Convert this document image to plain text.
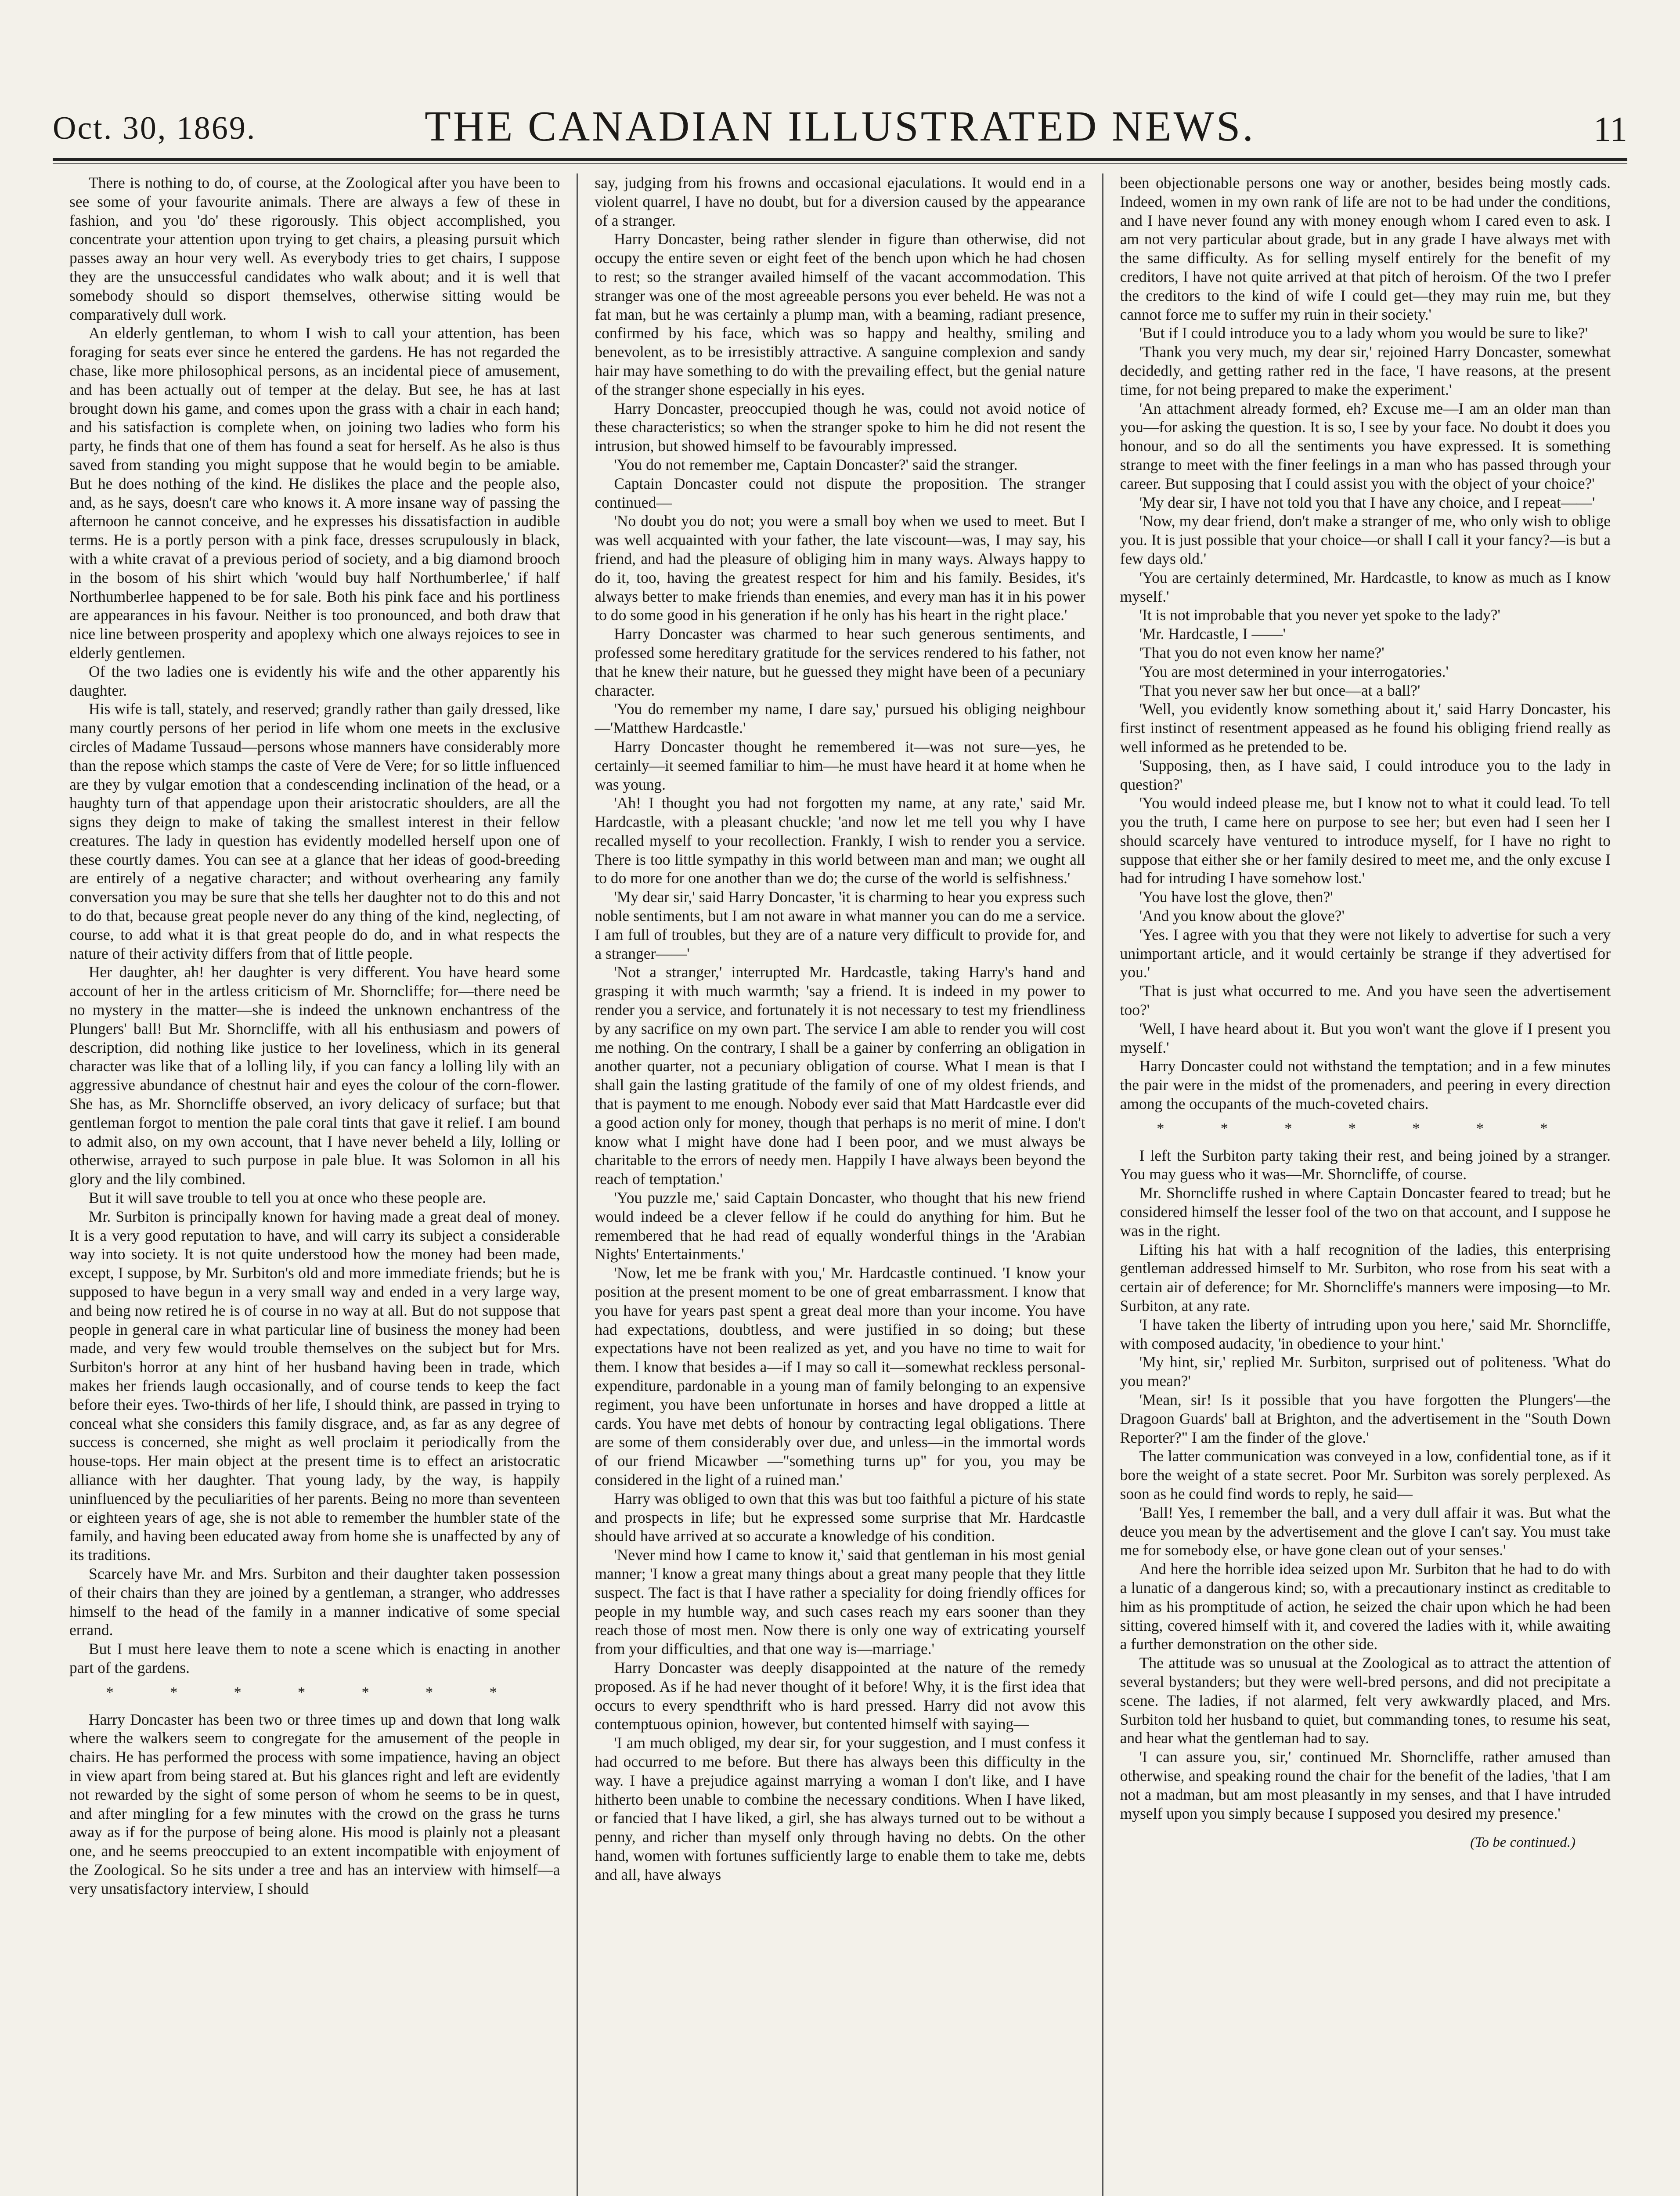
Oct. 30, 1869.	THE CANADIAN ILLUSTRATED NEWS.	11

There is nothing to do, of course, at the Zoological after you have been to see some of your favourite animals. There are always a few of these in fashion, and you 'do' these rigorously. This object accomplished, you concentrate your attention upon trying to get chairs, a pleasing pursuit which passes away an hour very well. As everybody tries to get chairs, I suppose they are the unsuccessful candidates who walk about; and it is well that somebody should so disport themselves, otherwise sitting would be comparatively dull work.

An elderly gentleman, to whom I wish to call your attention, has been foraging for seats ever since he entered the gardens. He has not regarded the chase, like more philosophical persons, as an incidental piece of amusement, and has been actually out of temper at the delay. But see, he has at last brought down his game, and comes upon the grass with a chair in each hand; and his satisfaction is complete when, on joining two ladies who form his party, he finds that one of them has found a seat for herself. As he also is thus saved from standing you might suppose that he would begin to be amiable. But he does nothing of the kind. He dislikes the place and the people also, and, as he says, doesn't care who knows it. A more insane way of passing the afternoon he cannot conceive, and he expresses his dissatisfaction in audible terms. He is a portly person with a pink face, dresses scrupulously in black, with a white cravat of a previous period of society, and a big diamond brooch in the bosom of his shirt which 'would buy half Northumberlee,' if half Northumberlee happened to be for sale. Both his pink face and his portliness are appearances in his favour. Neither is too pronounced, and both draw that nice line between prosperity and apoplexy which one always rejoices to see in elderly gentlemen.

Of the two ladies one is evidently his wife and the other apparently his daughter.

His wife is tall, stately, and reserved; grandly rather than gaily dressed, like many courtly persons of her period in life whom one meets in the exclusive circles of Madame Tussaud—persons whose manners have considerably more than the repose which stamps the caste of Vere de Vere; for so little influenced are they by vulgar emotion that a condescending inclination of the head, or a haughty turn of that appendage upon their aristocratic shoulders, are all the signs they deign to make of taking the smallest interest in their fellow creatures. The lady in question has evidently modelled herself upon one of these courtly dames. You can see at a glance that her ideas of good-breeding are entirely of a negative character; and without overhearing any family conversation you may be sure that she tells her daughter not to do this and not to do that, because great people never do any thing of the kind, neglecting, of course, to add what it is that great people do do, and in what respects the nature of their activity differs from that of little people.

Her daughter, ah! her daughter is very different. You have heard some account of her in the artless criticism of Mr. Shorncliffe; for—there need be no mystery in the matter—she is indeed the unknown enchantress of the Plungers' ball! But Mr. Shorncliffe, with all his enthusiasm and powers of description, did nothing like justice to her loveliness, which in its general character was like that of a lolling lily, if you can fancy a lolling lily with an aggressive abundance of chestnut hair and eyes the colour of the corn-flower. She has, as Mr. Shorncliffe observed, an ivory delicacy of surface; but that gentleman forgot to mention the pale coral tints that gave it relief. I am bound to admit also, on my own account, that I have never beheld a lily, lolling or otherwise, arrayed to such purpose in pale blue. It was Solomon in all his glory and the lily combined.

But it will save trouble to tell you at once who these people are.

Mr. Surbiton is principally known for having made a great deal of money. It is a very good reputation to have, and will carry its subject a considerable way into society. It is not quite understood how the money had been made, except, I suppose, by Mr. Surbiton's old and more immediate friends; but he is supposed to have begun in a very small way and ended in a very large way, and being now retired he is of course in no way at all. But do not suppose that people in general care in what particular line of business the money had been made, and very few would trouble themselves on the subject but for Mrs. Surbiton's horror at any hint of her husband having been in trade, which makes her friends laugh occasionally, and of course tends to keep the fact before their eyes. Two-thirds of her life, I should think, are passed in trying to conceal what she considers this family disgrace, and, as far as any degree of success is concerned, she might as well proclaim it periodically from the house-tops. Her main object at the present time is to effect an aristocratic alliance with her daughter. That young lady, by the way, is happily uninfluenced by the peculiarities of her parents. Being no more than seventeen or eighteen years of age, she is not able to remember the humbler state of the family, and having been educated away from home she is unaffected by any of its traditions.

Scarcely have Mr. and Mrs. Surbiton and their daughter taken possession of their chairs than they are joined by a gentleman, a stranger, who addresses himself to the head of the family in a manner indicative of some special errand.

But I must here leave them to note a scene which is enacting in another part of the gardens.

* * * * * * *

Harry Doncaster has been two or three times up and down that long walk where the walkers seem to congregate for the amusement of the people in chairs. He has performed the process with some impatience, having an object in view apart from being stared at. But his glances right and left are evidently not rewarded by the sight of some person of whom he seems to be in quest, and after mingling for a few minutes with the crowd on the grass he turns away as if for the purpose of being alone. His mood is plainly not a pleasant one, and he seems preoccupied to an extent incompatible with enjoyment of the Zoological. So he sits under a tree and has an interview with himself—a very unsatisfactory interview, I should

say, judging from his frowns and occasional ejaculations. It would end in a violent quarrel, I have no doubt, but for a diversion caused by the appearance of a stranger.

Harry Doncaster, being rather slender in figure than otherwise, did not occupy the entire seven or eight feet of the bench upon which he had chosen to rest; so the stranger availed himself of the vacant accommodation. This stranger was one of the most agreeable persons you ever beheld. He was not a fat man, but he was certainly a plump man, with a beaming, radiant presence, confirmed by his face, which was so happy and healthy, smiling and benevolent, as to be irresistibly attractive. A sanguine complexion and sandy hair may have something to do with the prevailing effect, but the genial nature of the stranger shone especially in his eyes.

Harry Doncaster, preoccupied though he was, could not avoid notice of these characteristics; so when the stranger spoke to him he did not resent the intrusion, but showed himself to be favourably impressed.

'You do not remember me, Captain Doncaster?' said the stranger.

Captain Doncaster could not dispute the proposition. The stranger continued—

'No doubt you do not; you were a small boy when we used to meet. But I was well acquainted with your father, the late viscount—was, I may say, his friend, and had the pleasure of obliging him in many ways. Always happy to do it, too, having the greatest respect for him and his family. Besides, it's always better to make friends than enemies, and every man has it in his power to do some good in his generation if he only has his heart in the right place.'

Harry Doncaster was charmed to hear such generous sentiments, and professed some hereditary gratitude for the services rendered to his father, not that he knew their nature, but he guessed they might have been of a pecuniary character.

'You do remember my name, I dare say,' pursued his obliging neighbour—'Matthew Hardcastle.'

Harry Doncaster thought he remembered it—was not sure—yes, he certainly—it seemed familiar to him—he must have heard it at home when he was young.

'Ah! I thought you had not forgotten my name, at any rate,' said Mr. Hardcastle, with a pleasant chuckle; 'and now let me tell you why I have recalled myself to your recollection. Frankly, I wish to render you a service. There is too little sympathy in this world between man and man; we ought all to do more for one another than we do; the curse of the world is selfishness.'

'My dear sir,' said Harry Doncaster, 'it is charming to hear you express such noble sentiments, but I am not aware in what manner you can do me a service. I am full of troubles, but they are of a nature very difficult to provide for, and a stranger——'

'Not a stranger,' interrupted Mr. Hardcastle, taking Harry's hand and grasping it with much warmth; 'say a friend. It is indeed in my power to render you a service, and fortunately it is not necessary to test my friendliness by any sacrifice on my own part. The service I am able to render you will cost me nothing. On the contrary, I shall be a gainer by conferring an obligation in another quarter, not a pecuniary obligation of course. What I mean is that I shall gain the lasting gratitude of the family of one of my oldest friends, and that is payment to me enough. Nobody ever said that Matt Hardcastle ever did a good action only for money, though that perhaps is no merit of mine. I don't know what I might have done had I been poor, and we must always be charitable to the errors of needy men. Happily I have always been beyond the reach of temptation.'

'You puzzle me,' said Captain Doncaster, who thought that his new friend would indeed be a clever fellow if he could do anything for him. But he remembered that he had read of equally wonderful things in the 'Arabian Nights' Entertainments.'

'Now, let me be frank with you,' Mr. Hardcastle continued. 'I know your position at the present moment to be one of great embarrassment. I know that you have for years past spent a great deal more than your income. You have had expectations, doubtless, and were justified in so doing; but these expectations have not been realized as yet, and you have no time to wait for them. I know that besides a—if I may so call it—somewhat reckless personal-expenditure, pardonable in a young man of family belonging to an expensive regiment, you have been unfortunate in horses and have dropped a little at cards. You have met debts of honour by contracting legal obligations. There are some of them considerably over due, and unless—in the immortal words of our friend Micawber —"something turns up" for you, you may be considered in the light of a ruined man.'

Harry was obliged to own that this was but too faithful a picture of his state and prospects in life; but he expressed some surprise that Mr. Hardcastle should have arrived at so accurate a knowledge of his condition.

'Never mind how I came to know it,' said that gentleman in his most genial manner; 'I know a great many things about a great many people that they little suspect. The fact is that I have rather a speciality for doing friendly offices for people in my humble way, and such cases reach my ears sooner than they reach those of most men. Now there is only one way of extricating yourself from your difficulties, and that one way is—marriage.'

Harry Doncaster was deeply disappointed at the nature of the remedy proposed. As if he had never thought of it before! Why, it is the first idea that occurs to every spendthrift who is hard pressed. Harry did not avow this contemptuous opinion, however, but contented himself with saying—

'I am much obliged, my dear sir, for your suggestion, and I must confess it had occurred to me before. But there has always been this difficulty in the way. I have a prejudice against marrying a woman I don't like, and I have hitherto been unable to combine the necessary conditions. When I have liked, or fancied that I have liked, a girl, she has always turned out to be without a penny, and richer than myself only through having no debts. On the other hand, women with fortunes sufficiently large to enable them to take me, debts and all, have always

been objectionable persons one way or another, besides being mostly cads. Indeed, women in my own rank of life are not to be had under the conditions, and I have never found any with money enough whom I cared even to ask. I am not very particular about grade, but in any grade I have always met with the same difficulty. As for selling myself entirely for the benefit of my creditors, I have not quite arrived at that pitch of heroism. Of the two I prefer the creditors to the kind of wife I could get—they may ruin me, but they cannot force me to suffer my ruin in their society.'

'But if I could introduce you to a lady whom you would be sure to like?'

'Thank you very much, my dear sir,' rejoined Harry Doncaster, somewhat decidedly, and getting rather red in the face, 'I have reasons, at the present time, for not being prepared to make the experiment.'

'An attachment already formed, eh? Excuse me—I am an older man than you—for asking the question. It is so, I see by your face. No doubt it does you honour, and so do all the sentiments you have expressed. It is something strange to meet with the finer feelings in a man who has passed through your career. But supposing that I could assist you with the object of your choice?'

'My dear sir, I have not told you that I have any choice, and I repeat——'

'Now, my dear friend, don't make a stranger of me, who only wish to oblige you. It is just possible that your choice—or shall I call it your fancy?—is but a few days old.'

'You are certainly determined, Mr. Hardcastle, to know as much as I know myself.'

'It is not improbable that you never yet spoke to the lady?'

'Mr. Hardcastle, I ——'

'That you do not even know her name?'

'You are most determined in your interrogatories.'

'That you never saw her but once—at a ball?'

'Well, you evidently know something about it,' said Harry Doncaster, his first instinct of resentment appeased as he found his obliging friend really as well informed as he pretended to be.

'Supposing, then, as I have said, I could introduce you to the lady in question?'

'You would indeed please me, but I know not to what it could lead. To tell you the truth, I came here on purpose to see her; but even had I seen her I should scarcely have ventured to introduce myself, for I have no right to suppose that either she or her family desired to meet me, and the only excuse I had for intruding I have somehow lost.'

'You have lost the glove, then?'

'And you know about the glove?'

'Yes. I agree with you that they were not likely to advertise for such a very unimportant article, and it would certainly be strange if they advertised for you.'

'That is just what occurred to me. And you have seen the advertisement too?'

'Well, I have heard about it. But you won't want the glove if I present you myself.'

Harry Doncaster could not withstand the temptation; and in a few minutes the pair were in the midst of the promenaders, and peering in every direction among the occupants of the much-coveted chairs.

* * * * * * *

I left the Surbiton party taking their rest, and being joined by a stranger. You may guess who it was—Mr. Shorncliffe, of course.

Mr. Shorncliffe rushed in where Captain Doncaster feared to tread; but he considered himself the lesser fool of the two on that account, and I suppose he was in the right.

Lifting his hat with a half recognition of the ladies, this enterprising gentleman addressed himself to Mr. Surbiton, who rose from his seat with a certain air of deference; for Mr. Shorncliffe's manners were imposing—to Mr. Surbiton, at any rate.

'I have taken the liberty of intruding upon you here,' said Mr. Shorncliffe, with composed audacity, 'in obedience to your hint.'

'My hint, sir,' replied Mr. Surbiton, surprised out of politeness. 'What do you mean?'

'Mean, sir! Is it possible that you have forgotten the Plungers'—the Dragoon Guards' ball at Brighton, and the advertisement in the "South Down Reporter?" I am the finder of the glove.'

The latter communication was conveyed in a low, confidential tone, as if it bore the weight of a state secret. Poor Mr. Surbiton was sorely perplexed. As soon as he could find words to reply, he said—

'Ball! Yes, I remember the ball, and a very dull affair it was. But what the deuce you mean by the advertisement and the glove I can't say. You must take me for somebody else, or have gone clean out of your senses.'

And here the horrible idea seized upon Mr. Surbiton that he had to do with a lunatic of a dangerous kind; so, with a precautionary instinct as creditable to him as his promptitude of action, he seized the chair upon which he had been sitting, covered himself with it, and covered the ladies with it, while awaiting a further demonstration on the other side.

The attitude was so unusual at the Zoological as to attract the attention of several bystanders; but they were well-bred persons, and did not precipitate a scene. The ladies, if not alarmed, felt very awkwardly placed, and Mrs. Surbiton told her husband to quiet, but commanding tones, to resume his seat, and hear what the gentleman had to say.

'I can assure you, sir,' continued Mr. Shorncliffe, rather amused than otherwise, and speaking round the chair for the benefit of the ladies, 'that I am not a madman, but am most pleasantly in my senses, and that I have intruded myself upon you simply because I supposed you desired my presence.'

(To be continued.)
